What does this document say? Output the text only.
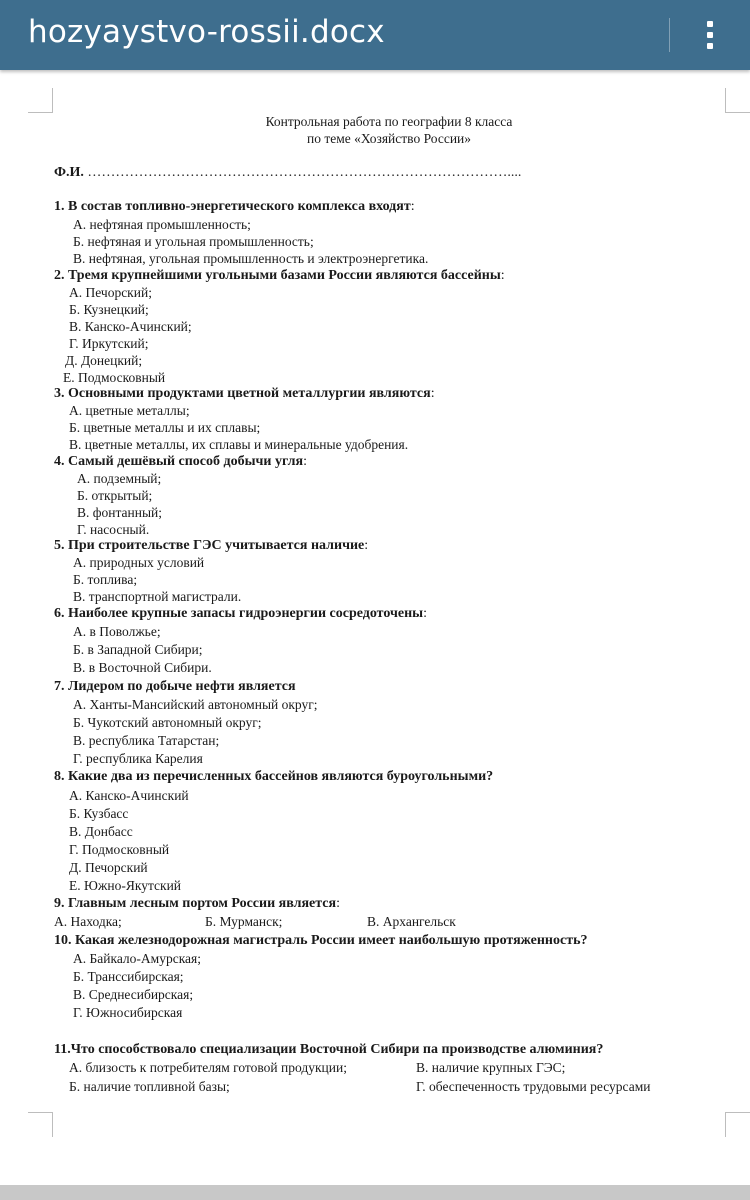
hozyaystvo-rossii.docx
Контрольная работа по географии 8 класса
по теме «Хозяйство России»
Ф.И. ………………………………………………………………………………....
1. В состав топливно-энергетического комплекса входят:
А. нефтяная промышленность;
Б. нефтяная и угольная промышленность;
В. нефтяная, угольная промышленность и электроэнергетика.
2. Тремя крупнейшими угольными базами России являются бассейны:
А. Печорский;
Б. Кузнецкий;
В. Канско-Ачинский;
Г. Иркутский;
Д. Донецкий;
Е. Подмосковный
3. Основными продуктами цветной металлургии являются:
А. цветные металлы;
Б. цветные металлы и их сплавы;
В. цветные металлы, их сплавы и минеральные удобрения.
4. Самый дешёвый способ добычи угля:
А. подземный;
Б. открытый;
В. фонтанный;
Г. насосный.
5. При строительстве ГЭС учитывается наличие:
А. природных условий
Б. топлива;
В. транспортной магистрали.
6. Наиболее крупные запасы гидроэнергии сосредоточены:
А. в Поволжье;
Б. в Западной Сибири;
В. в Восточной Сибири.
7. Лидером по добыче нефти является
А. Ханты-Мансийский автономный округ;
Б. Чукотский автономный округ;
В. республика Татарстан;
Г. республика Карелия
8. Какие два из перечисленных бассейнов являются буроугольными?
А. Канско-Ачинский
Б. Кузбасс
В. Донбасс
Г. Подмосковный
Д. Печорский
Е. Южно-Якутский
9. Главным лесным портом России является:
А. Находка;	Б. Мурманск;	В. Архангельск
10. Какая железнодорожная магистраль России имеет наибольшую протяженность?
А. Байкало-Амурская;
Б. Транссибирская;
В. Среднесибирская;
Г. Южносибирская
11.Что способствовало специализации Восточной Сибири па производстве алюминия?
А. близость к потребителям готовой продукции;	В. наличие крупных ГЭС;
Б. наличие топливной базы;	Г. обеспеченность трудовыми ресурсами
